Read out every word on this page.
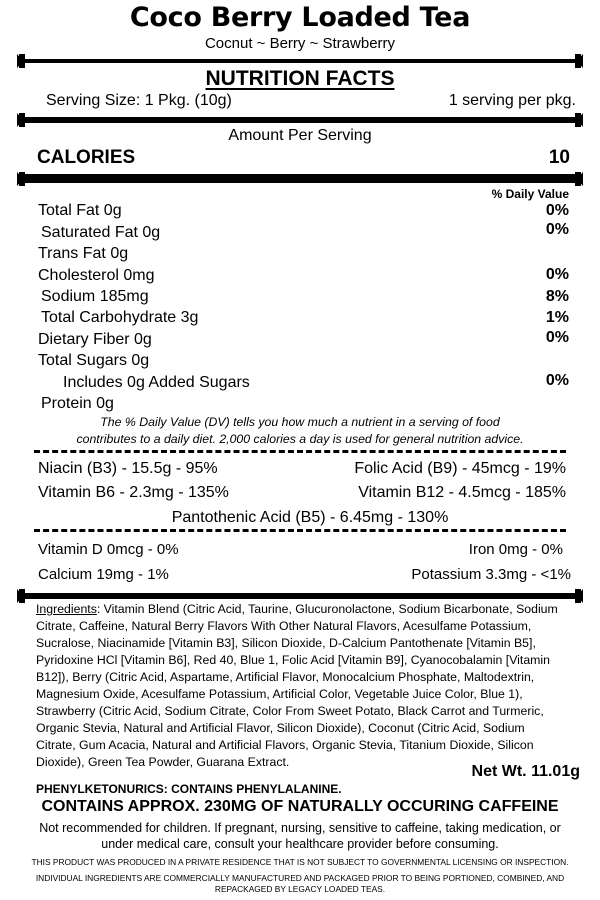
Coco Berry Loaded Tea
Cocnut ~ Berry ~ Strawberry
NUTRITION FACTS
Serving Size: 1 Pkg. (10g)	1 serving per pkg.
Amount Per Serving
CALORIES	10
% Daily Value
Total Fat 0g	0%
Saturated Fat 0g	0%
Trans Fat 0g
Cholesterol 0mg	0%
Sodium 185mg	8%
Total Carbohydrate 3g	1%
Dietary Fiber 0g	0%
Total Sugars 0g
Includes 0g Added Sugars	0%
Protein 0g
The % Daily Value (DV) tells you how much a nutrient in a serving of food
contributes to a daily diet. 2,000 calories a day is used for general nutrition advice.
Niacin (B3) - 15.5g - 95%	Folic Acid (B9) - 45mcg - 19%
Vitamin B6 - 2.3mg - 135%	Vitamin B12 - 4.5mcg - 185%
Pantothenic Acid (B5) - 6.45mg - 130%
Vitamin D 0mcg - 0%	Iron 0mg - 0%
Calcium 19mg - 1%	Potassium 3.3mg - <1%
Ingredients: Vitamin Blend (Citric Acid, Taurine, Glucuronolactone, Sodium Bicarbonate, Sodium Citrate, Caffeine, Natural Berry Flavors With Other Natural Flavors, Acesulfame Potassium, Sucralose, Niacinamide [Vitamin B3], Silicon Dioxide, D-Calcium Pantothenate [Vitamin B5], Pyridoxine HCl [Vitamin B6], Red 40, Blue 1, Folic Acid [Vitamin B9], Cyanocobalamin [Vitamin B12]), Berry (Citric Acid, Aspartame, Artificial Flavor, Monocalcium Phosphate, Maltodextrin, Magnesium Oxide, Acesulfame Potassium, Artificial Color, Vegetable Juice Color, Blue 1), Strawberry (Citric Acid, Sodium Citrate, Color From Sweet Potato, Black Carrot and Turmeric, Organic Stevia, Natural and Artificial Flavor, Silicon Dioxide), Coconut (Citric Acid, Sodium Citrate, Gum Acacia, Natural and Artificial Flavors, Organic Stevia, Titanium Dioxide, Silicon Dioxide), Green Tea Powder, Guarana Extract.
Net Wt. 11.01g
PHENYLKETONURICS: CONTAINS PHENYLALANINE.
CONTAINS APPROX. 230MG OF NATURALLY OCCURING CAFFEINE
Not recommended for children. If pregnant, nursing, sensitive to caffeine, taking medication, or
under medical care, consult your healthcare provider before consuming.
THIS PRODUCT WAS PRODUCED IN A PRIVATE RESIDENCE THAT IS NOT SUBJECT TO GOVERNMENTAL LICENSING OR INSPECTION.
INDIVIDUAL INGREDIENTS ARE COMMERCIALLY MANUFACTURED AND PACKAGED PRIOR TO BEING PORTIONED, COMBINED, AND
REPACKAGED BY LEGACY LOADED TEAS.
